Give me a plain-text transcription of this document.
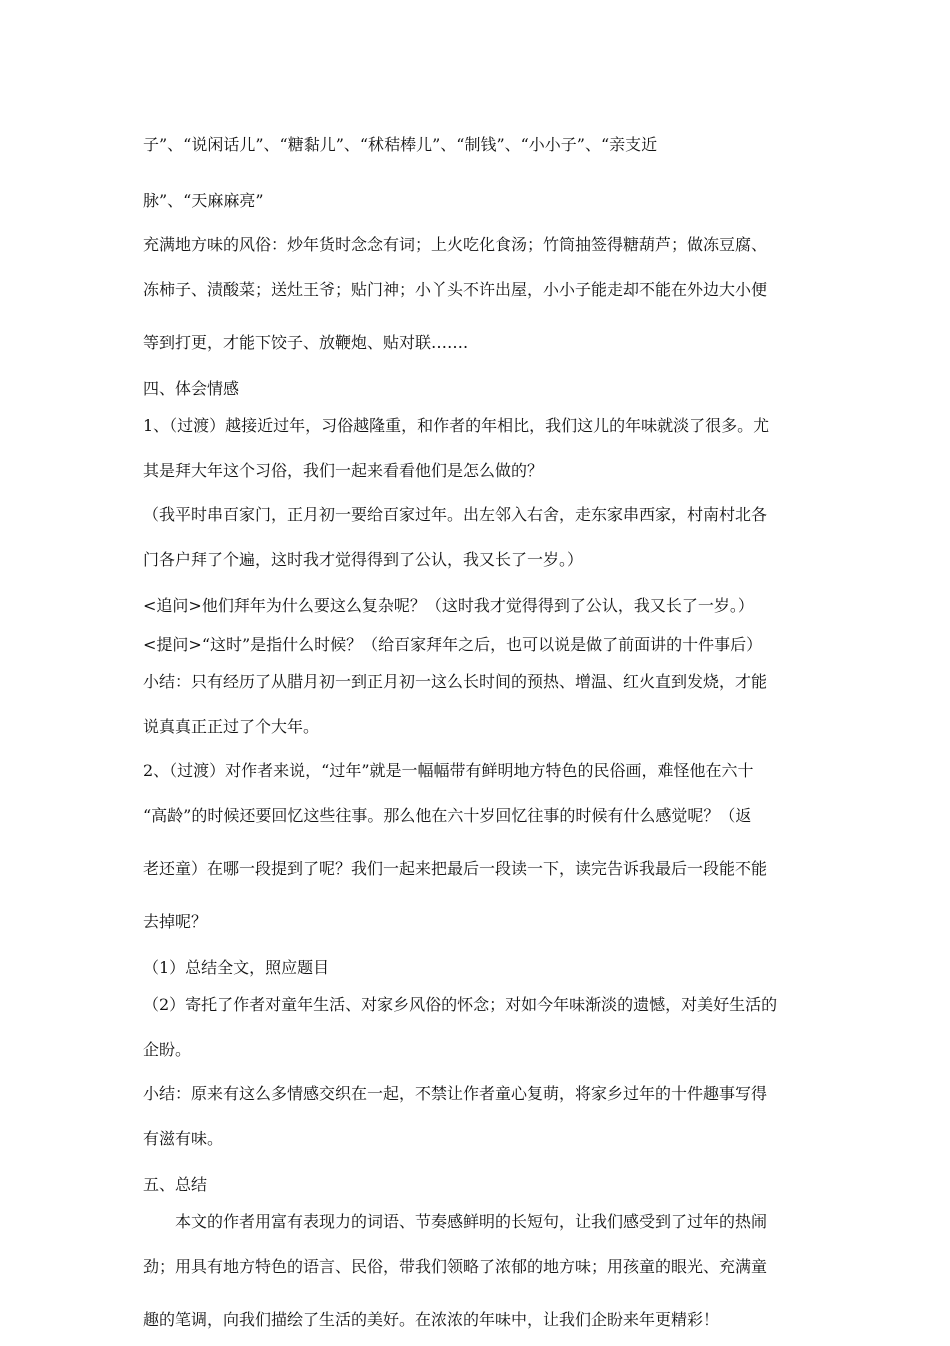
子”、“说闲话儿”、“糖黏儿”、“秫秸棒儿”、“制钱”、“小小子”、“亲支近
脉”、“天麻麻亮”
充满地方味的风俗：炒年货时念念有词；上火吃化食汤；竹筒抽签得糖葫芦；做冻豆腐、
冻柿子、渍酸菜；送灶王爷；贴门神；小丫头不许出屋，小小子能走却不能在外边大小便
等到打更，才能下饺子、放鞭炮、贴对联…….
四、体会情感
1、（过渡）越接近过年，习俗越隆重，和作者的年相比，我们这儿的年味就淡了很多。尤
其是拜大年这个习俗，我们一起来看看他们是怎么做的？
（我平时串百家门，正月初一要给百家过年。出左邻入右舍，走东家串西家，村南村北各
门各户拜了个遍，这时我才觉得得到了公认，我又长了一岁。）
<追问>他们拜年为什么要这么复杂呢？（这时我才觉得得到了公认，我又长了一岁。）
<提问>“这时”是指什么时候？（给百家拜年之后，也可以说是做了前面讲的十件事后）
小结：只有经历了从腊月初一到正月初一这么长时间的预热、增温、红火直到发烧，才能
说真真正正过了个大年。
2、（过渡）对作者来说，“过年”就是一幅幅带有鲜明地方特色的民俗画，难怪他在六十
“高龄”的时候还要回忆这些往事。那么他在六十岁回忆往事的时候有什么感觉呢？（返
老还童）在哪一段提到了呢？我们一起来把最后一段读一下，读完告诉我最后一段能不能
去掉呢？
（1）总结全文，照应题目
（2）寄托了作者对童年生活、对家乡风俗的怀念；对如今年味渐淡的遗憾，对美好生活的
企盼。
小结：原来有这么多情感交织在一起，不禁让作者童心复萌，将家乡过年的十件趣事写得
有滋有味。
五、总结
本文的作者用富有表现力的词语、节奏感鲜明的长短句，让我们感受到了过年的热闹
劲；用具有地方特色的语言、民俗，带我们领略了浓郁的地方味；用孩童的眼光、充满童
趣的笔调，向我们描绘了生活的美好。在浓浓的年味中，让我们企盼来年更精彩！
